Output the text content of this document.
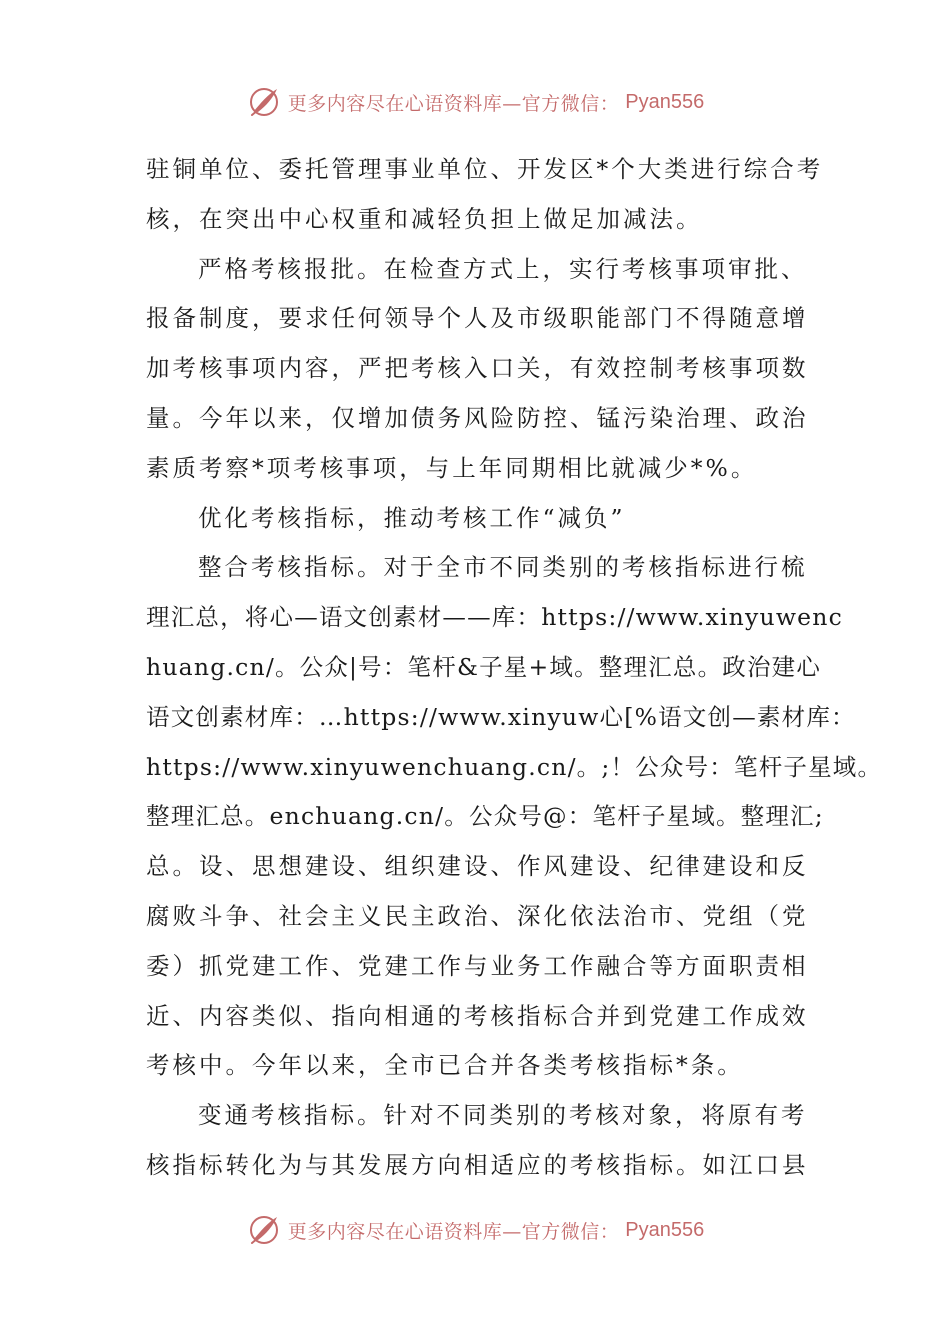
更多内容尽在心语资料库—官方微信： Pyan556
驻铜单位、委托管理事业单位、开发区*个大类进行综合考
核，在突出中心权重和减轻负担上做足加减法。
严格考核报批。在检查方式上，实行考核事项审批、
报备制度，要求任何领导个人及市级职能部门不得随意增
加考核事项内容，严把考核入口关，有效控制考核事项数
量。今年以来，仅增加债务风险防控、锰污染治理、政治
素质考察*项考核事项，与上年同期相比就减少*%。
优化考核指标，推动考核工作“减负”
整合考核指标。对于全市不同类别的考核指标进行梳
理汇总，将心—语文创素材——库：https://www.xinyuwenc
huang.cn/。公众|号：笔杆&子星+域。整理汇总。政治建心
语文创素材库：…https://www.xinyuw心[%语文创—素材库：
https://www.xinyuwenchuang.cn/。;！公众号：笔杆子星域。
整理汇总。enchuang.cn/。公众号@：笔杆子星域。整理汇;
总。设、思想建设、组织建设、作风建设、纪律建设和反
腐败斗争、社会主义民主政治、深化依法治市、党组（党
委）抓党建工作、党建工作与业务工作融合等方面职责相
近、内容类似、指向相通的考核指标合并到党建工作成效
考核中。今年以来，全市已合并各类考核指标*条。
变通考核指标。针对不同类别的考核对象，将原有考
核指标转化为与其发展方向相适应的考核指标。如江口县
更多内容尽在心语资料库—官方微信： Pyan556
